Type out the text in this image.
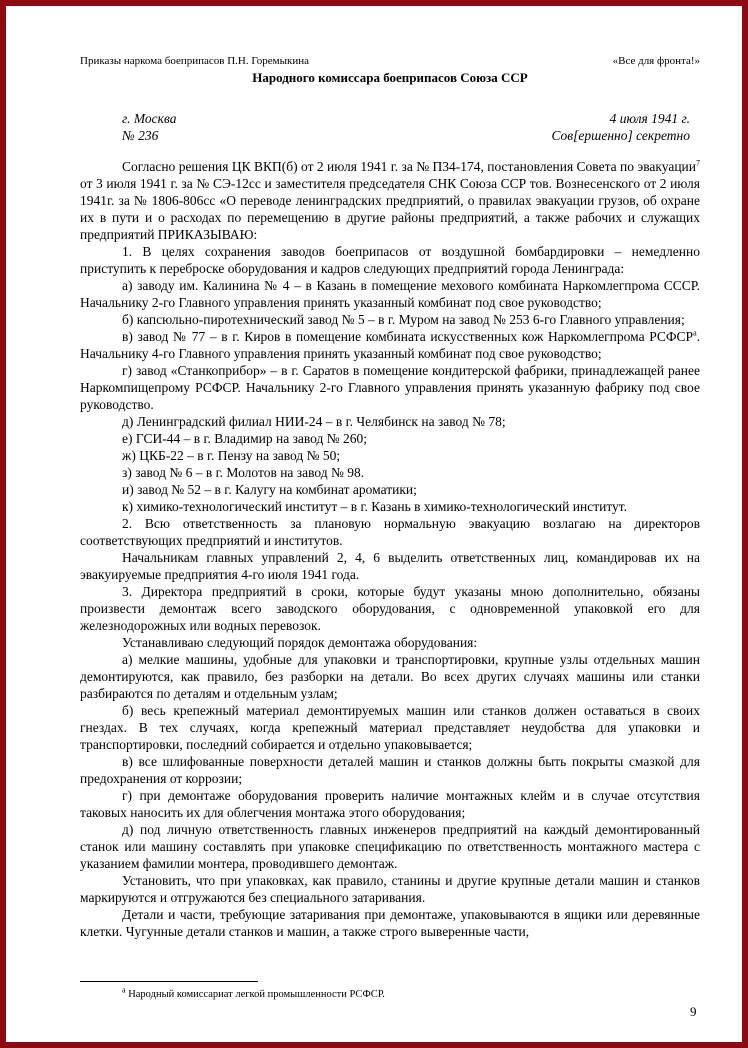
Приказы наркома боеприпасов П.Н. Горемыкина	«Все для фронта!»
Народного комиссара боеприпасов Союза ССР
г. Москва
№ 236
4 июля 1941 г.
Сов[ершенно] секретно

Согласно решения ЦК ВКП(б) от 2 июля 1941 г. за № П34-174, постановления Совета по эвакуации$^7$ от 3 июля 1941 г. за № СЭ-12сс и заместителя председателя СНК Союза ССР тов. Вознесенского от 2 июля 1941г. за № 1806-806сс «О переводе ленинградских предприятий, о правилах эвакуации грузов, об охране их в пути и о расходах по перемещению в другие районы предприятий, а также рабочих и служащих предприятий ПРИКАЗЫВАЮ:

1. В целях сохранения заводов боеприпасов от воздушной бомбардировки – немедленно приступить к переброске оборудования и кадров следующих предприятий города Ленинграда:

а) заводу им. Калинина № 4 – в Казань в помещение мехового комбината Наркомлегпрома СССР. Начальнику 2-го Главного управления принять указанный комбинат под свое руководство;

б) капсюльно-пиротехнический завод № 5 – в г. Муром на завод № 253 6-го Главного управления;

в) завод № 77 – в г. Киров в помещение комбината искусственных кож Наркомлегпрома $РСФСР^а$. Начальнику 4-го Главного управления принять указанный комбинат под свое руководство;

г) завод «Станкоприбор» – в г. Саратов в помещение кондитерской фабрики, принадлежащей ранее Наркомпищепрому РСФСР. Начальнику 2-го Главного управления принять указанную фабрику под свое руководство.

д) Ленинградский филиал НИИ-24 – в г. Челябинск на завод № 78;

е) ГСИ-44 – в г. Владимир на завод № 260;

ж) ЦКБ-22 – в г. Пензу на завод № 50;

з) завод № 6 – в г. Молотов на завод № 98.

и) завод № 52 – в г. Калугу на комбинат ароматики;

к) химико-технологический институт – в г. Казань в химико-технологический институт.

2. Всю ответственность за плановую нормальную эвакуацию возлагаю на директоров соответствующих предприятий и институтов.

Начальникам главных управлений 2, 4, 6 выделить ответственных лиц, командировав их на эвакуируемые предприятия 4-го июля 1941 года.

3. Директора предприятий в сроки, которые будут указаны мною дополнительно, обязаны произвести демонтаж всего заводского оборудования, с одновременной упаковкой его для железнодорожных или водных перевозок.

Устанавливаю следующий порядок демонтажа оборудования:

а) мелкие машины, удобные для упаковки и транспортировки, крупные узлы отдельных машин демонтируются, как правило, без разборки на детали. Во всех других случаях машины или станки разбираются по деталям и отдельным узлам;

б) весь крепежный материал демонтируемых машин или станков должен оставаться в своих гнездах. В тех случаях, когда крепежный материал представляет неудобства для упаковки и транспортировки, последний собирается и отдельно упаковывается;

в) все шлифованные поверхности деталей машин и станков должны быть покрыты смазкой для предохранения от коррозии;

г) при демонтаже оборудования проверить наличие монтажных клейм и в случае отсутствия таковых наносить их для облегчения монтажа этого оборудования;

д) под личную ответственность главных инженеров предприятий на каждый демонтированный станок или машину составлять при упаковке спецификацию по ответственность монтажного мастера с указанием фамилии монтера, проводившего демонтаж.

Установить, что при упаковках, как правило, станины и другие крупные детали машин и станков маркируются и отгружаются без специального затаривания.

Детали и части, требующие затаривания при демонтаже, упаковываются в ящики или деревянные клетки. Чугунные детали станков и машин, а также строго выверенные части,

$^а$ Народный комиссариат легкой промышленности РСФСР.
9
